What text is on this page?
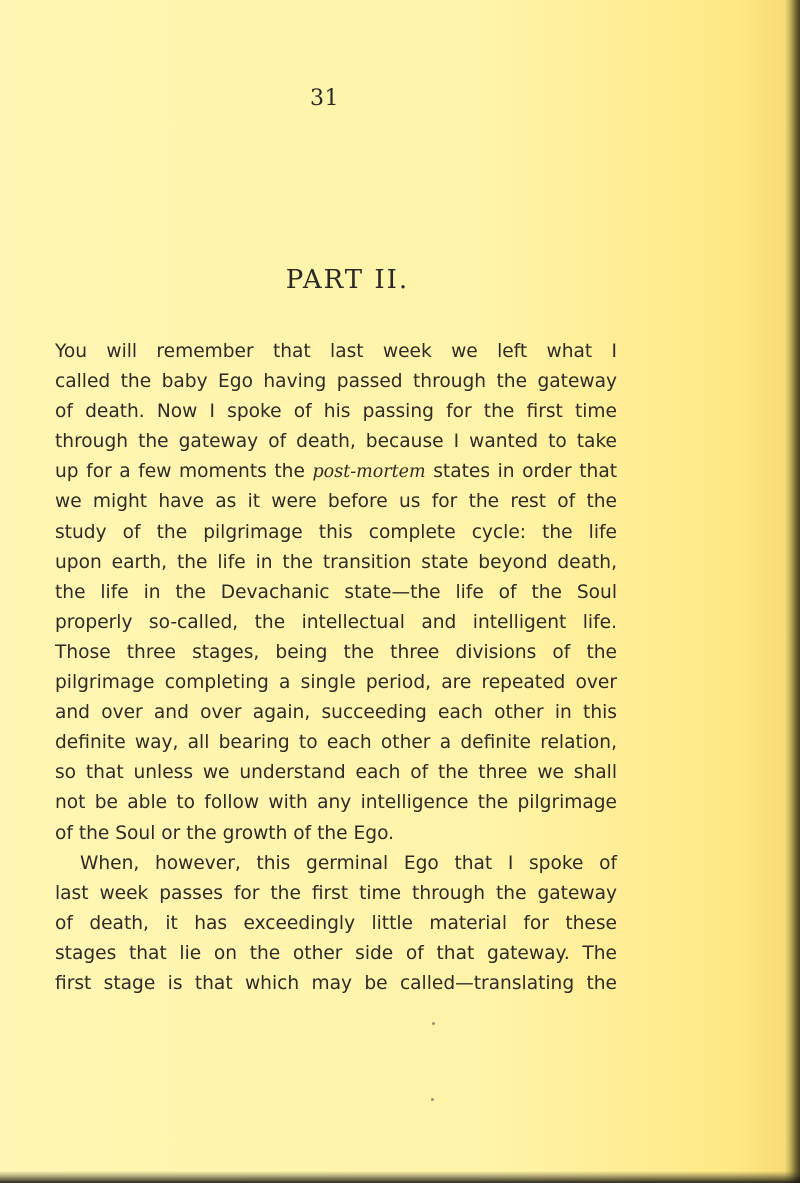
31
PART II.
You will remember that last week we left what I
called the baby Ego having passed through the gateway
of death. Now I spoke of his passing for the first time
through the gateway of death, because I wanted to take
up for a few moments the post-mortem states in order that
we might have as it were before us for the rest of the
study of the pilgrimage this complete cycle: the life
upon earth, the life in the transition state beyond death,
the life in the Devachanic state—the life of the Soul
properly so-called, the intellectual and intelligent life.
Those three stages, being the three divisions of the
pilgrimage completing a single period, are repeated over
and over and over again, succeeding each other in this
definite way, all bearing to each other a definite relation,
so that unless we understand each of the three we shall
not be able to follow with any intelligence the pilgrimage
of the Soul or the growth of the Ego.
When, however, this germinal Ego that I spoke of
last week passes for the first time through the gateway
of death, it has exceedingly little material for these
stages that lie on the other side of that gateway. The
first stage is that which may be called—translating the
